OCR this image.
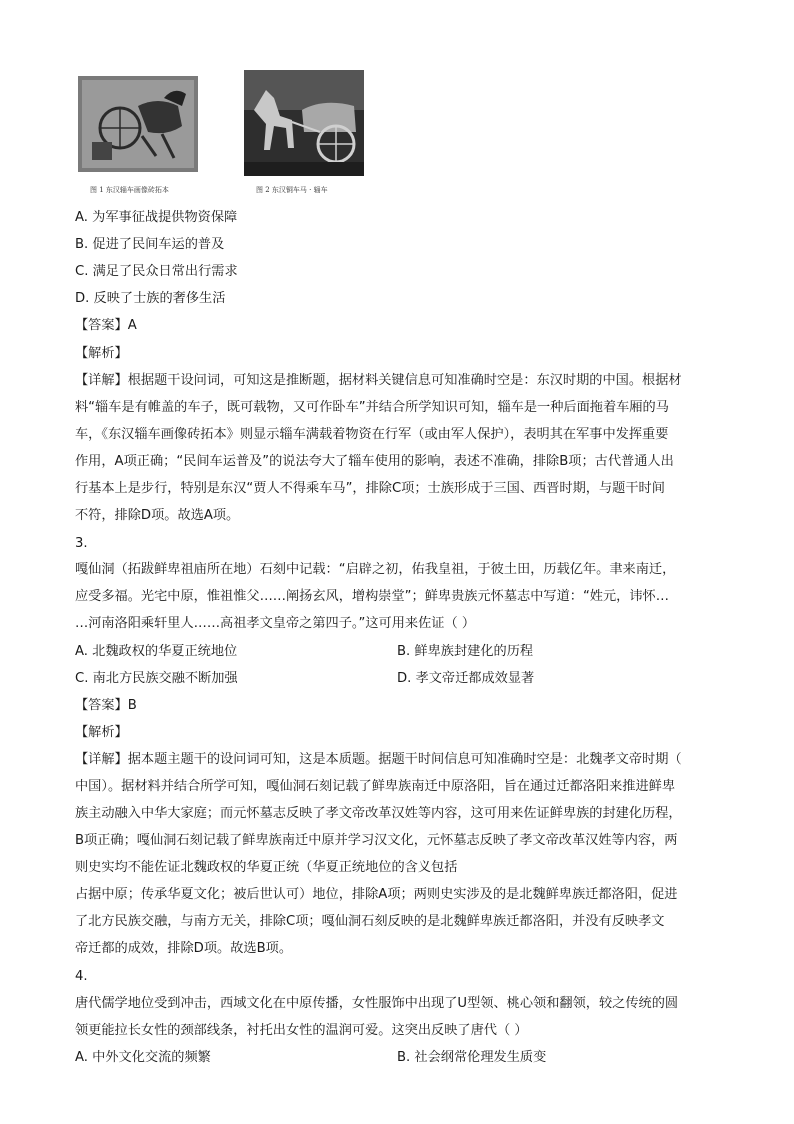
图 1 东汉辎车画像砖拓本	图 2 东汉铜车马 · 辎车
A. 为军事征战提供物资保障
B. 促进了民间车运的普及
C. 满足了民众日常出行需求
D. 反映了士族的奢侈生活
【答案】A
【解析】
【详解】根据题干设问词，可知这是推断题，据材料关键信息可知准确时空是：东汉时期的中国。根据材
料“辎车是有帷盖的车子，既可载物，又可作卧车”并结合所学知识可知，辎车是一种后面拖着车厢的马
车，《东汉辎车画像砖拓本》则显示辎车满载着物资在行军（或由军人保护），表明其在军事中发挥重要
作用，A项正确；“民间车运普及”的说法夸大了辎车使用的影响，表述不准确，排除B项；古代普通人出
行基本上是步行，特别是东汉“贾人不得乘车马”，排除C项；士族形成于三国、西晋时期，与题干时间
不符，排除D项。故选A项。
3.
嘎仙洞（拓跋鲜卑祖庙所在地）石刻中记载：“启辟之初，佑我皇祖，于彼土田，历载亿年。聿来南迁，
应受多福。光宅中原，惟祖惟父……阐扬玄风，增构崇堂”；鲜卑贵族元怀墓志中写道：“姓元，讳怀…
…河南洛阳乘轩里人……高祖孝文皇帝之第四子。”这可用来佐证（ ）
A. 北魏政权的华夏正统地位	B. 鲜卑族封建化的历程
C. 南北方民族交融不断加强	D. 孝文帝迁都成效显著
【答案】B
【解析】
【详解】据本题主题干的设问词可知，这是本质题。据题干时间信息可知准确时空是：北魏孝文帝时期（
中国）。据材料并结合所学可知，嘎仙洞石刻记载了鲜卑族南迁中原洛阳，旨在通过迁都洛阳来推进鲜卑
族主动融入中华大家庭；而元怀墓志反映了孝文帝改革汉姓等内容，这可用来佐证鲜卑族的封建化历程，
B项正确；嘎仙洞石刻记载了鲜卑族南迁中原并学习汉文化，元怀墓志反映了孝文帝改革汉姓等内容，两
则史实均不能佐证北魏政权的华夏正统（华夏正统地位的含义包括
占据中原；传承华夏文化；被后世认可）地位，排除A项；两则史实涉及的是北魏鲜卑族迁都洛阳，促进
了北方民族交融，与南方无关，排除C项；嘎仙洞石刻反映的是北魏鲜卑族迁都洛阳，并没有反映孝文
帝迁都的成效，排除D项。故选B项。
4.
唐代儒学地位受到冲击，西域文化在中原传播，女性服饰中出现了U型领、桃心领和翻领，较之传统的圆
领更能拉长女性的颈部线条，衬托出女性的温润可爱。这突出反映了唐代（ ）
A. 中外文化交流的频繁	B. 社会纲常伦理发生质变
